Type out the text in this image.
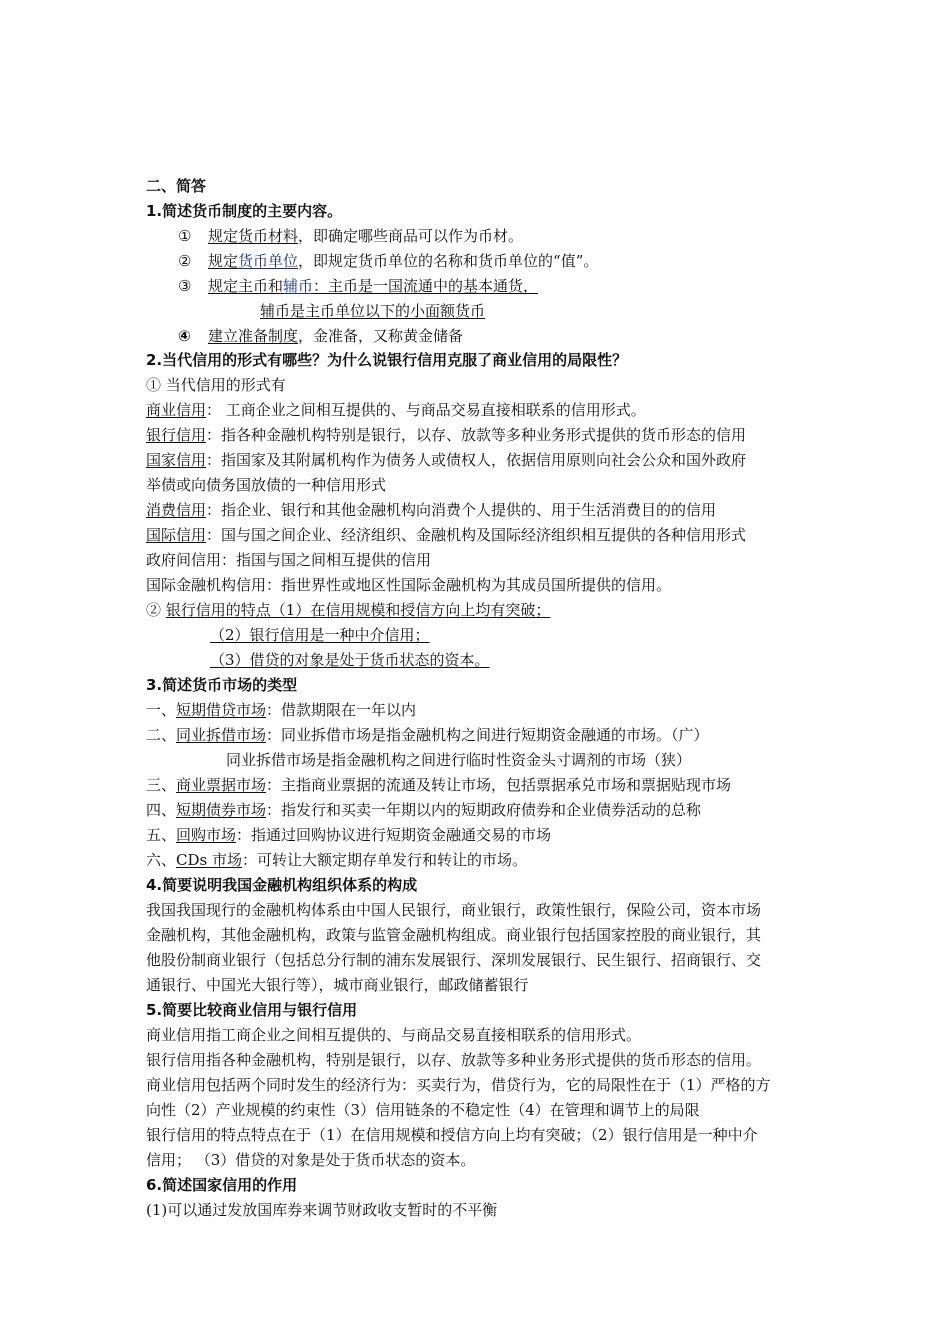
二、简答
1.简述货币制度的主要内容。
① 规定货币材料，即确定哪些商品可以作为币材。
② 规定货币单位，即规定货币单位的名称和货币单位的“值”。
③ 规定主币和辅币：主币是一国流通中的基本通货，
辅币是主币单位以下的小面额货币
④ 建立准备制度，金准备，又称黄金储备
2.当代信用的形式有哪些？为什么说银行信用克服了商业信用的局限性？
① 当代信用的形式有
商业信用： 工商企业之间相互提供的、与商品交易直接相联系的信用形式。
银行信用：指各种金融机构特别是银行，以存、放款等多种业务形式提供的货币形态的信用
国家信用：指国家及其附属机构作为债务人或债权人，依据信用原则向社会公众和国外政府
举债或向债务国放债的一种信用形式
消费信用：指企业、银行和其他金融机构向消费个人提供的、用于生活消费目的的信用
国际信用：国与国之间企业、经济组织、金融机构及国际经济组织相互提供的各种信用形式
政府间信用：指国与国之间相互提供的信用
国际金融机构信用：指世界性或地区性国际金融机构为其成员国所提供的信用。
② 银行信用的特点（1）在信用规模和授信方向上均有突破；
（2）银行信用是一种中介信用；
（3）借贷的对象是处于货币状态的资本。
3.简述货币市场的类型
一、短期借贷市场：借款期限在一年以内
二、同业拆借市场：同业拆借市场是指金融机构之间进行短期资金融通的市场。（广）
同业拆借市场是指金融机构之间进行临时性资金头寸调剂的市场（狭）
三、商业票据市场：主指商业票据的流通及转让市场，包括票据承兑市场和票据贴现市场
四、短期债券市场：指发行和买卖一年期以内的短期政府债券和企业债券活动的总称
五、回购市场：指通过回购协议进行短期资金融通交易的市场
六、CDs 市场：可转让大额定期存单发行和转让的市场。
4.简要说明我国金融机构组织体系的构成
我国我国现行的金融机构体系由中国人民银行，商业银行，政策性银行，保险公司，资本市场
金融机构，其他金融机构，政策与监管金融机构组成。商业银行包括国家控股的商业银行，其
他股份制商业银行（包括总分行制的浦东发展银行、深圳发展银行、民生银行、招商银行、交
通银行、中国光大银行等），城市商业银行，邮政储蓄银行
5.简要比较商业信用与银行信用
商业信用指工商企业之间相互提供的、与商品交易直接相联系的信用形式。
银行信用指各种金融机构，特别是银行，以存、放款等多种业务形式提供的货币形态的信用。
商业信用包括两个同时发生的经济行为：买卖行为，借贷行为，它的局限性在于（1）严格的方
向性（2）产业规模的约束性（3）信用链条的不稳定性（4）在管理和调节上的局限
银行信用的特点特点在于（1）在信用规模和授信方向上均有突破；（2）银行信用是一种中介
信用； （3）借贷的对象是处于货币状态的资本。
6.简述国家信用的作用
(1)可以通过发放国库券来调节财政收支暂时的不平衡
